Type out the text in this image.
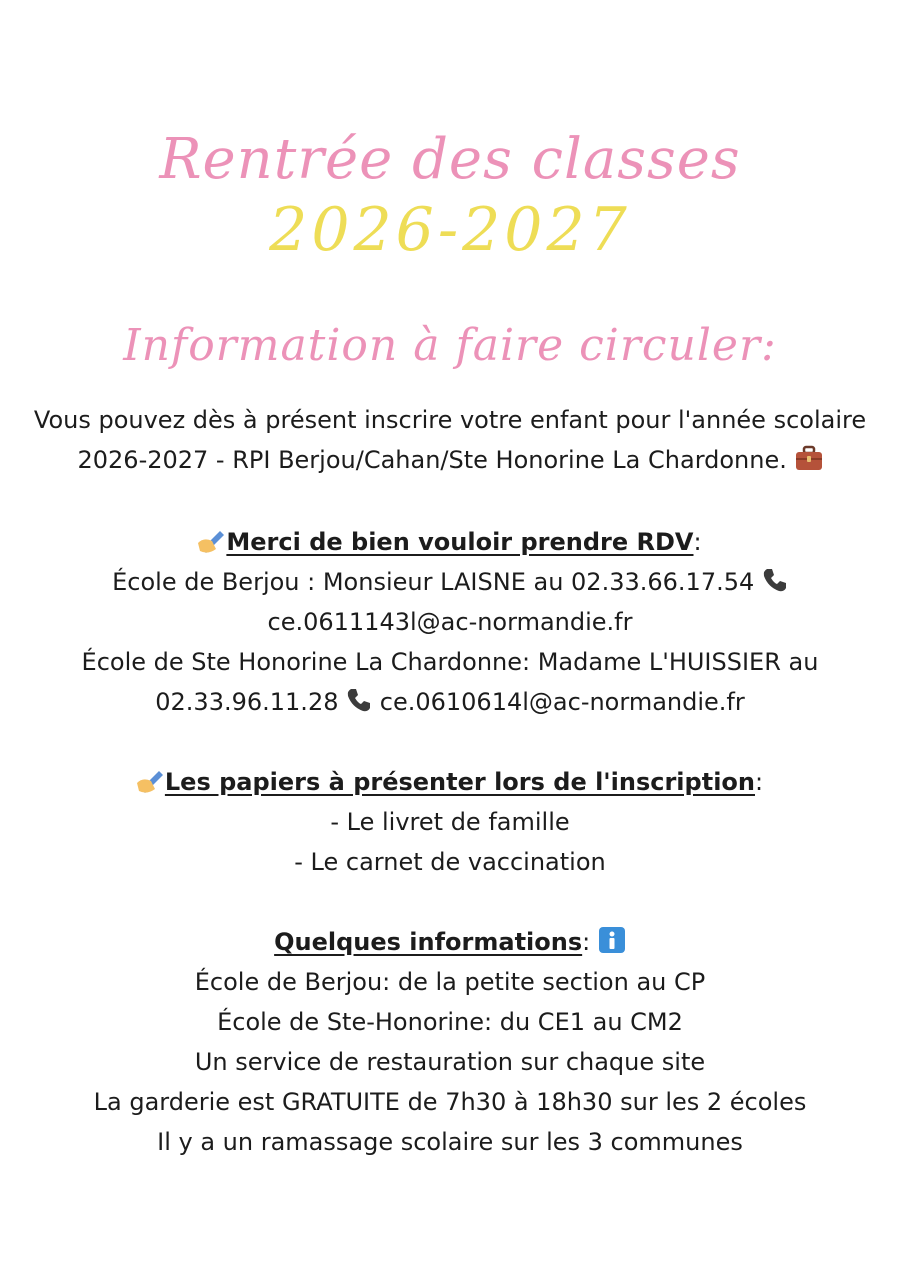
Rentrée des classes
2026-2027
Information à faire circuler:

Vous pouvez dès à présent inscrire votre enfant pour l'année scolaire

2026-2027 - RPI Berjou/Cahan/Ste Honorine La Chardonne.

Merci de bien vouloir prendre RDV:

École de Berjou : Monsieur LAISNE au 02.33.66.17.54

ce.0611143l@ac-normandie.fr

École de Ste Honorine La Chardonne: Madame L'HUISSIER au

02.33.96.11.28 ce.0610614l@ac-normandie.fr

Les papiers à présenter lors de l'inscription:

- Le livret de famille

- Le carnet de vaccination

Quelques informations:

École de Berjou: de la petite section au CP

École de Ste-Honorine: du CE1 au CM2

Un service de restauration sur chaque site

La garderie est GRATUITE de 7h30 à 18h30 sur les 2 écoles

Il y a un ramassage scolaire sur les 3 communes
